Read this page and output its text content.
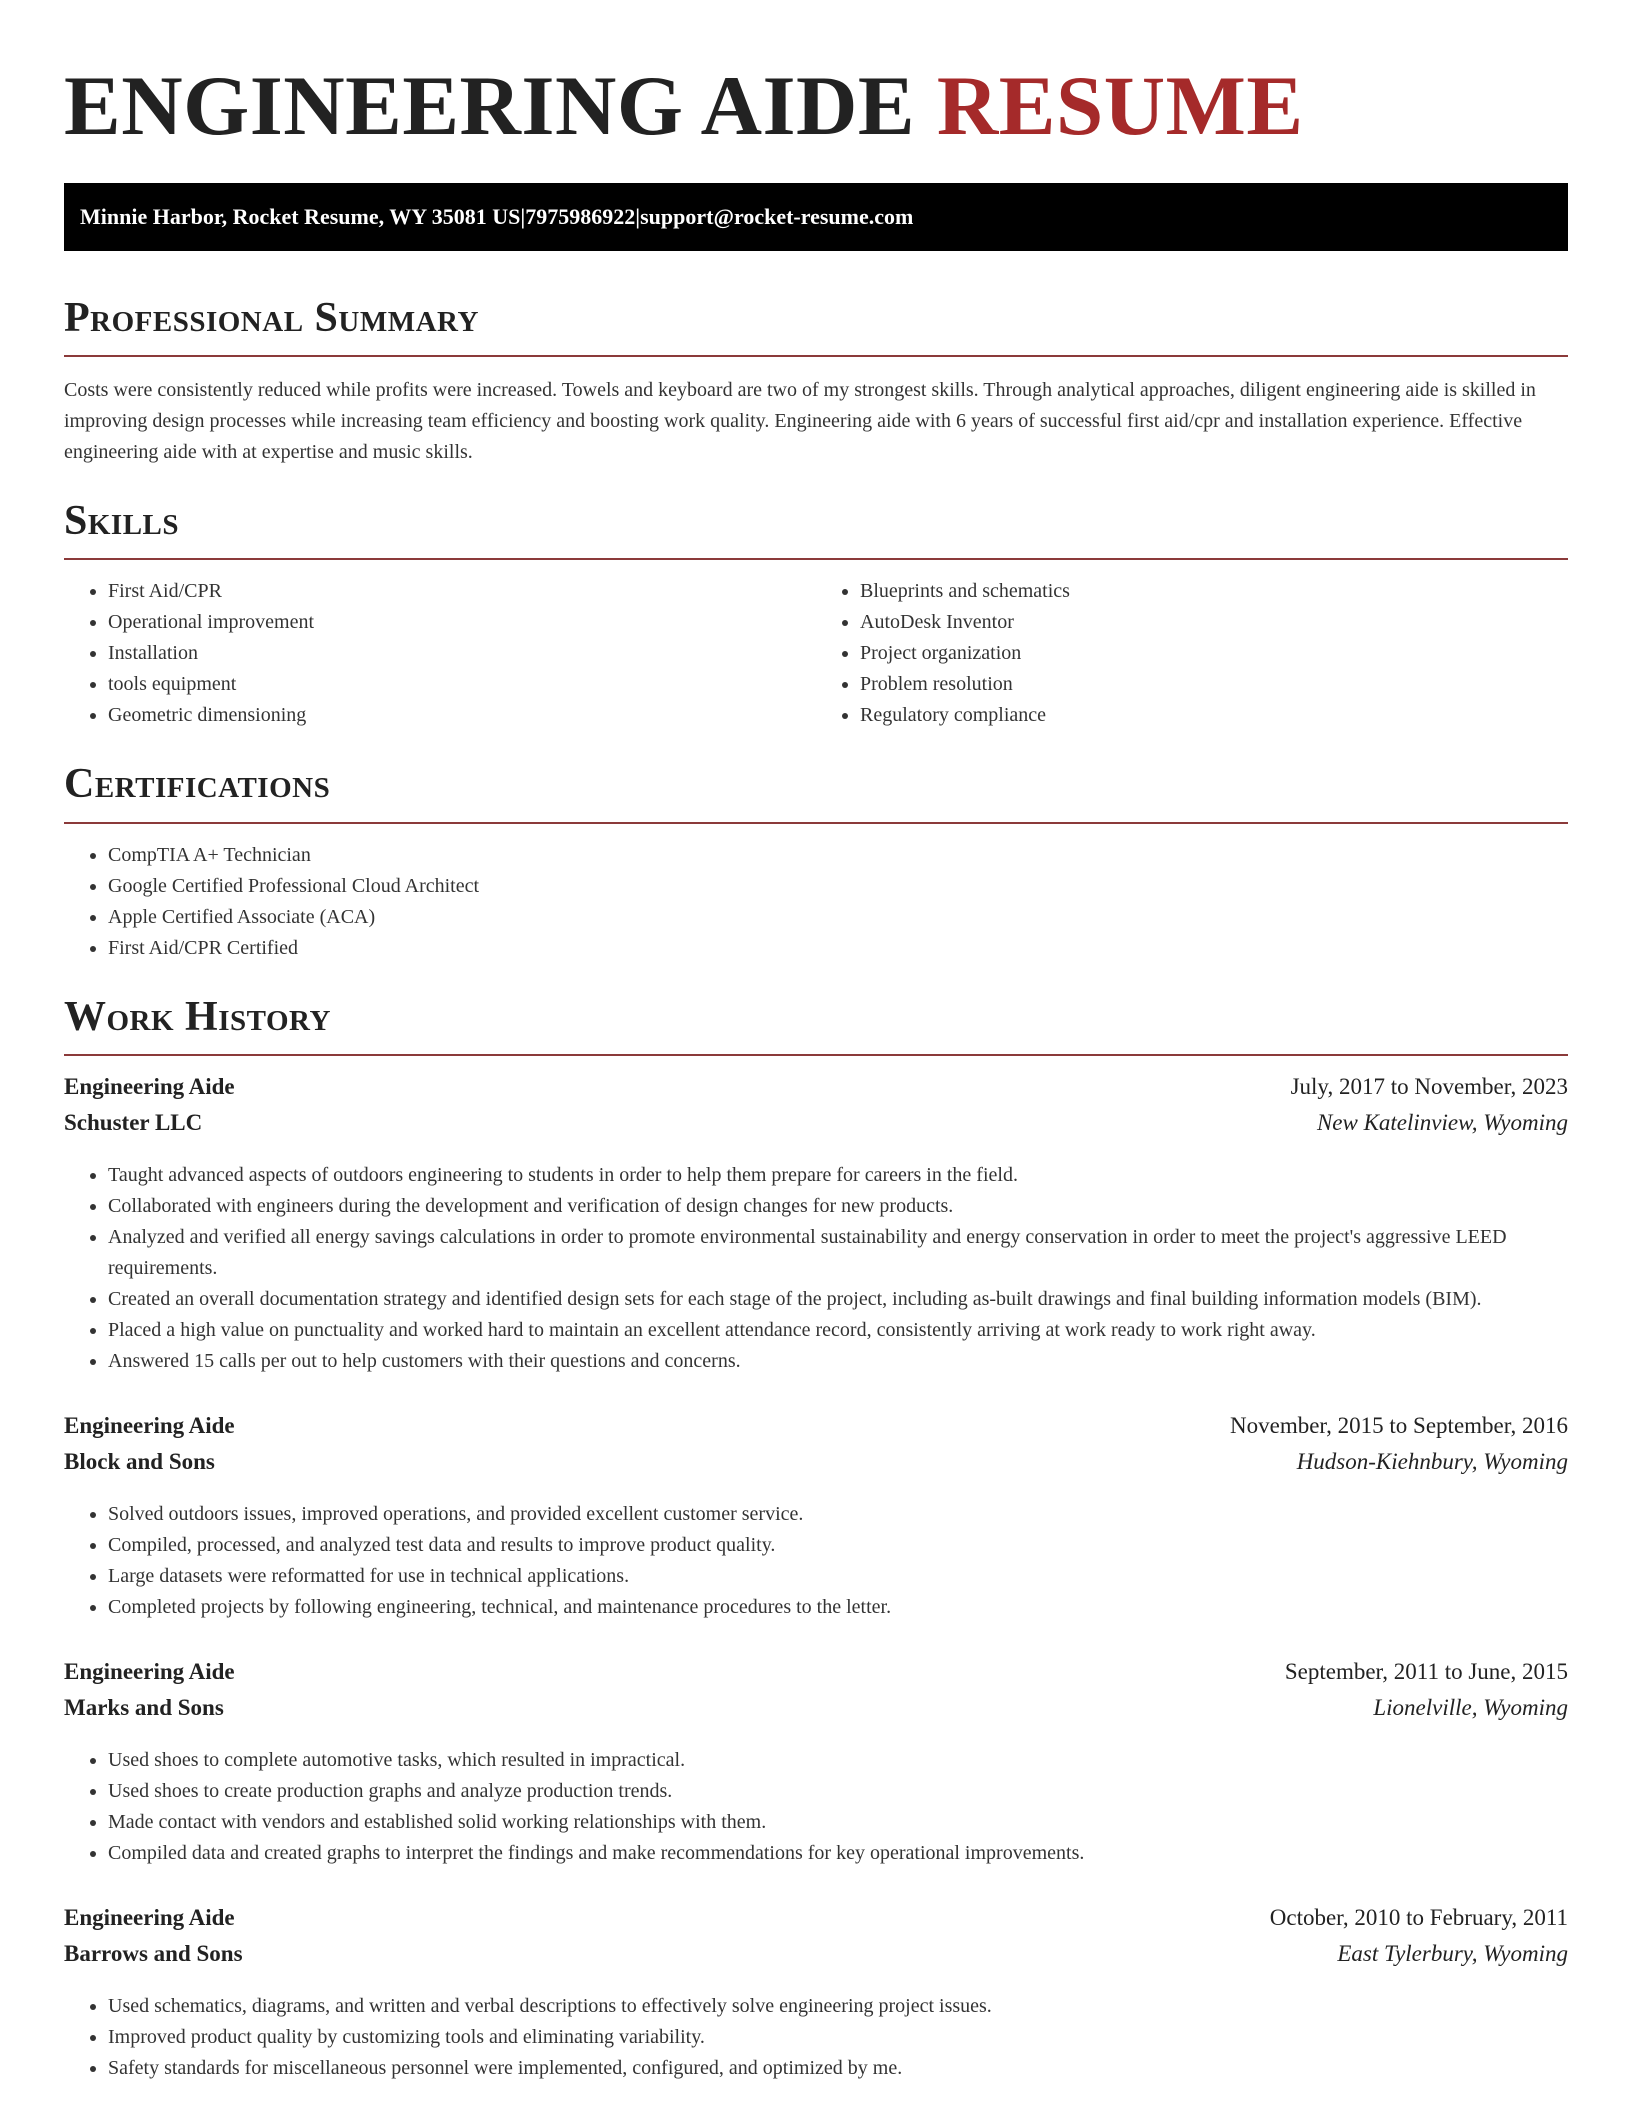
ENGINEERING AIDE RESUME
Minnie Harbor, Rocket Resume, WY 35081 US | 7975986922 | support@rocket-resume.com
Professional Summary

Costs were consistently reduced while profits were increased. Towels and keyboard are two of my strongest skills. Through analytical approaches, diligent engineering aide is skilled in improving design processes while increasing team efficiency and boosting work quality. Engineering aide with 6 years of successful first aid/cpr and installation experience. Effective engineering aide with at expertise and music skills.

Skills
• First Aid/CPR
• Operational improvement
• Installation
• tools equipment
• Geometric dimensioning
• Blueprints and schematics
• AutoDesk Inventor
• Project organization
• Problem resolution
• Regulatory compliance
Certifications
• CompTIA A+ Technician
• Google Certified Professional Cloud Architect
• Apple Certified Associate (ACA)
• First Aid/CPR Certified
Work History
Engineering Aide	July, 2017 to November, 2023
Schuster LLC	New Katelinview, Wyoming
• Taught advanced aspects of outdoors engineering to students in order to help them prepare for careers in the field.
• Collaborated with engineers during the development and verification of design changes for new products.
• Analyzed and verified all energy savings calculations in order to promote environmental sustainability and energy conservation in order to meet the project's aggressive LEED requirements.
• Created an overall documentation strategy and identified design sets for each stage of the project, including as-built drawings and final building information models (BIM).
• Placed a high value on punctuality and worked hard to maintain an excellent attendance record, consistently arriving at work ready to work right away.
• Answered 15 calls per out to help customers with their questions and concerns.
Engineering Aide	November, 2015 to September, 2016
Block and Sons	Hudson-Kiehnbury, Wyoming
• Solved outdoors issues, improved operations, and provided excellent customer service.
• Compiled, processed, and analyzed test data and results to improve product quality.
• Large datasets were reformatted for use in technical applications.
• Completed projects by following engineering, technical, and maintenance procedures to the letter.
Engineering Aide	September, 2011 to June, 2015
Marks and Sons	Lionelville, Wyoming
• Used shoes to complete automotive tasks, which resulted in impractical.
• Used shoes to create production graphs and analyze production trends.
• Made contact with vendors and established solid working relationships with them.
• Compiled data and created graphs to interpret the findings and make recommendations for key operational improvements.
Engineering Aide	October, 2010 to February, 2011
Barrows and Sons	East Tylerbury, Wyoming
• Used schematics, diagrams, and written and verbal descriptions to effectively solve engineering project issues.
• Improved product quality by customizing tools and eliminating variability.
• Safety standards for miscellaneous personnel were implemented, configured, and optimized by me.
